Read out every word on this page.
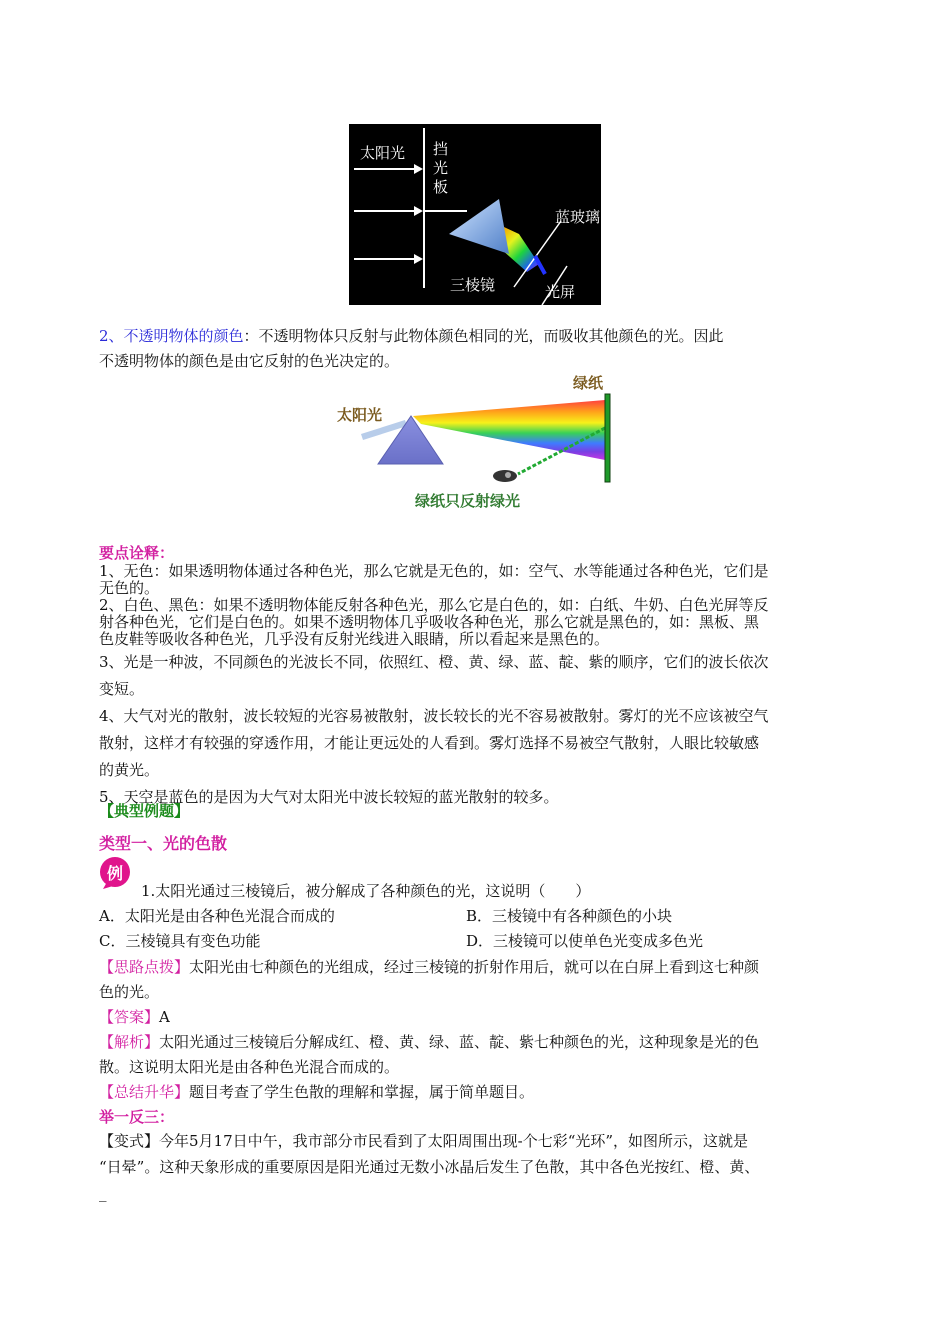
太阳光 挡
光
板
蓝玻璃
三棱镜	光屏
2、不透明物体的颜色：不透明物体只反射与此物体颜色相同的光，而吸收其他颜色的光。因此
不透明物体的颜色是由它反射的色光决定的。
绿纸
太阳光
绿纸只反射绿光
要点诠释：
1、无色：如果透明物体通过各种色光，那么它就是无色的，如：空气、水等能通过各种色光，它们是
无色的。
2、白色、黑色：如果不透明物体能反射各种色光，那么它是白色的，如：白纸、牛奶、白色光屏等反
射各种色光，它们是白色的。如果不透明物体几乎吸收各种色光，那么它就是黑色的，如：黑板、黑
色皮鞋等吸收各种色光，几乎没有反射光线进入眼睛，所以看起来是黑色的。
3、光是一种波，不同颜色的光波长不同，依照红、橙、黄、绿、蓝、靛、紫的顺序，它们的波长依次
变短。
4、大气对光的散射，波长较短的光容易被散射，波长较长的光不容易被散射。雾灯的光不应该被空气
散射，这样才有较强的穿透作用，才能让更远处的人看到。雾灯选择不易被空气散射，人眼比较敏感
的黄光。
5、天空是蓝色的是因为大气对太阳光中波长较短的蓝光散射的较多。
【典型例题】
类型一、光的色散
例
1.太阳光通过三棱镜后，被分解成了各种颜色的光，这说明（　　）
A．太阳光是由各种色光混合而成的	B．三棱镜中有各种颜色的小块
C．三棱镜具有变色功能	D．三棱镜可以使单色光变成多色光
【思路点拨】太阳光由七种颜色的光组成，经过三棱镜的折射作用后，就可以在白屏上看到这七种颜
色的光。
【答案】A
【解析】太阳光通过三棱镜后分解成红、橙、黄、绿、蓝、靛、紫七种颜色的光，这种现象是光的色
散。这说明太阳光是由各种色光混合而成的。
【总结升华】题目考查了学生色散的理解和掌握，属于简单题目。
举一反三：
【变式】今年5月17日中午，我市部分市民看到了太阳周围出现-个七彩“光环”，如图所示，这就是
“日晕”。这种天象形成的重要原因是阳光通过无数小冰晶后发生了色散，其中各色光按红、橙、黄、
_
